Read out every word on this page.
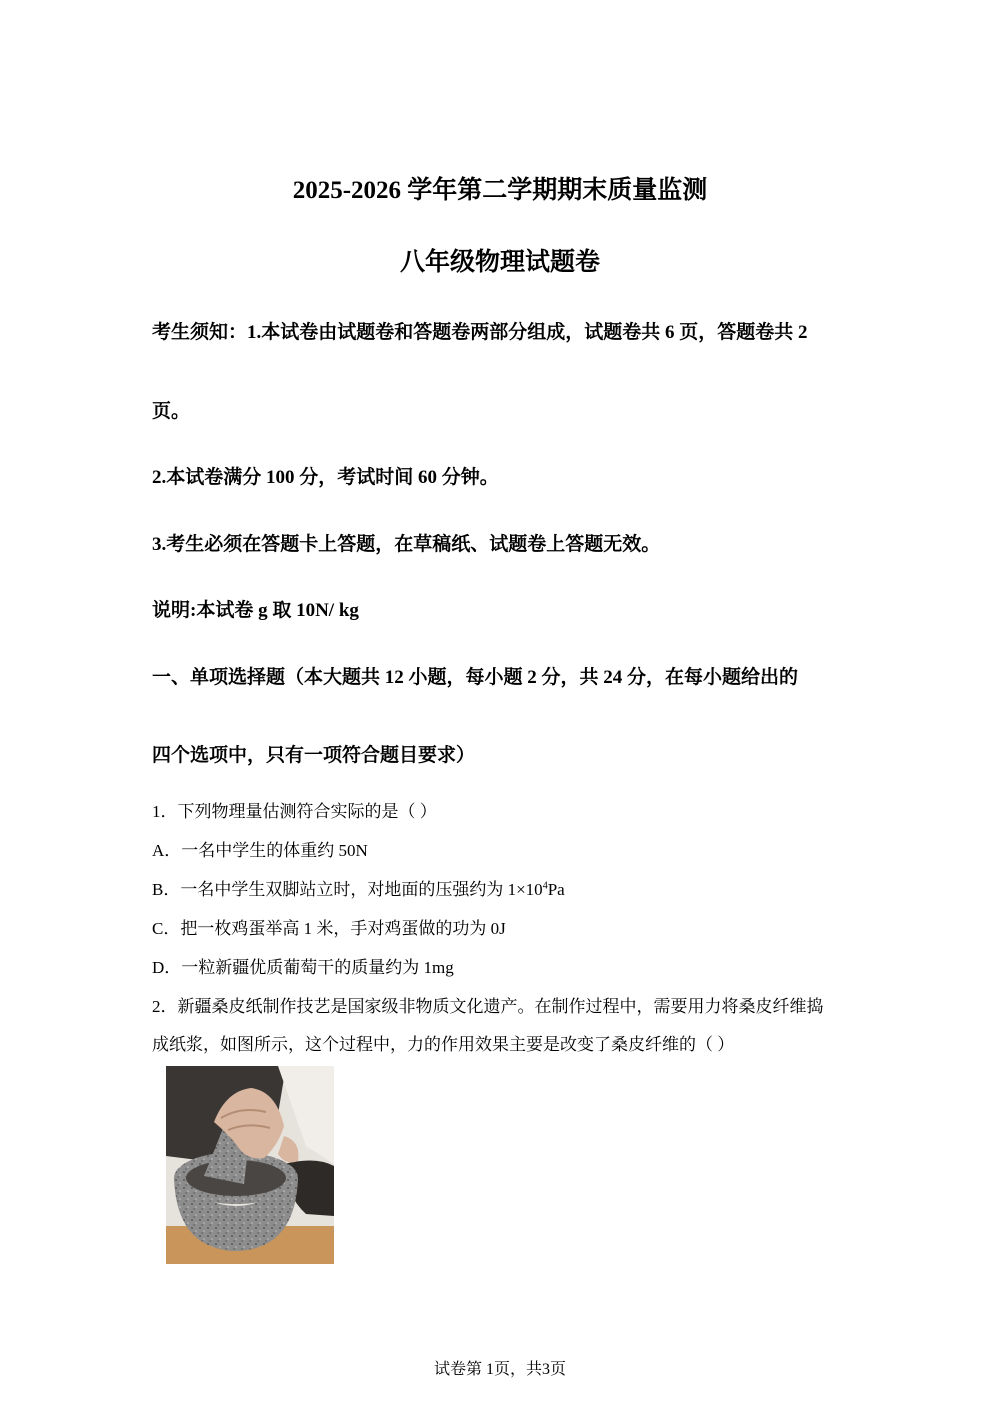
2025-2026 学年第二学期期末质量监测
八年级物理试题卷
考生须知：1.本试卷由试题卷和答题卷两部分组成，试题卷共 6 页，答题卷共 2
页。
2.本试卷满分 100 分，考试时间 60 分钟。
3.考生必须在答题卡上答题，在草稿纸、试题卷上答题无效。
说明:本试卷 g 取 10N/ kg
一、单项选择题（本大题共 12 小题，每小题 2 分，共 24 分，在每小题给出的
四个选项中，只有一项符合题目要求）
1．下列物理量估测符合实际的是（ ）
A．一名中学生的体重约 50N
B．一名中学生双脚站立时，对地面的压强约为 $1\times 10^4Pa$
C．把一枚鸡蛋举高 1 米，手对鸡蛋做的功为 0J
D．一粒新疆优质葡萄干的质量约为 1mg
2．新疆桑皮纸制作技艺是国家级非物质文化遗产。在制作过程中，需要用力将桑皮纤维捣
成纸浆，如图所示，这个过程中，力的作用效果主要是改变了桑皮纤维的（ ）
试卷第 1页，共3页
